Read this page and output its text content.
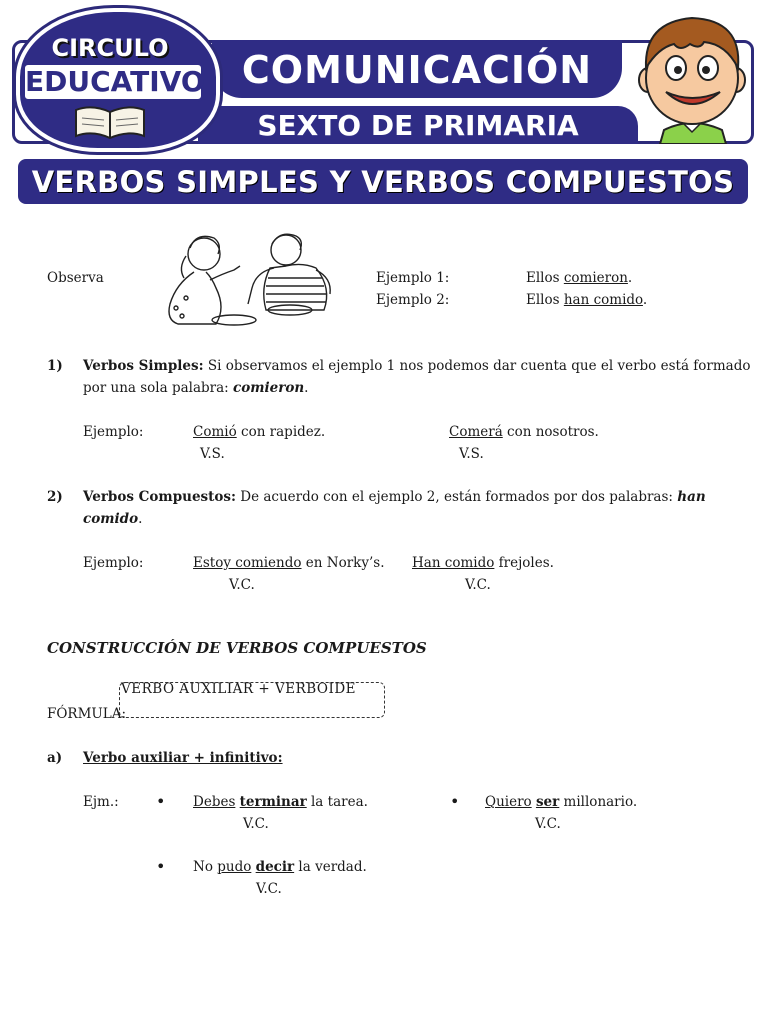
COMUNICACIÓN
SEXTO DE PRIMARIA
CIRCULO
EDUCATIVO
VERBOS SIMPLES Y VERBOS COMPUESTOS
Observa	Ejemplo 1:	Ellos comieron.
Ejemplo 2:	Ellos han comido.
1) Verbos Simples: Si observamos el ejemplo 1 nos podemos dar cuenta que el verbo está formado
por una sola palabra: comieron.
Ejemplo:	Comió con rapidez.
V.S.
Comerá con nosotros.
V.S.
2) Verbos Compuestos: De acuerdo con el ejemplo 2, están formados por dos palabras: han
comido.
Ejemplo:	Estoy comiendo en Norky’s.
V.C.
Han comido frejoles.
V.C.
CONSTRUCCIÓN DE VERBOS COMPUESTOS
VERBO AUXILIAR + VERBOIDE
FÓRMULA:
a) Verbo auxiliar + infinitivo:
Ejm.: • Debes terminar la tarea.
V.C.
• Quiero ser millonario.
V.C.
• No pudo decir la verdad.
V.C.
